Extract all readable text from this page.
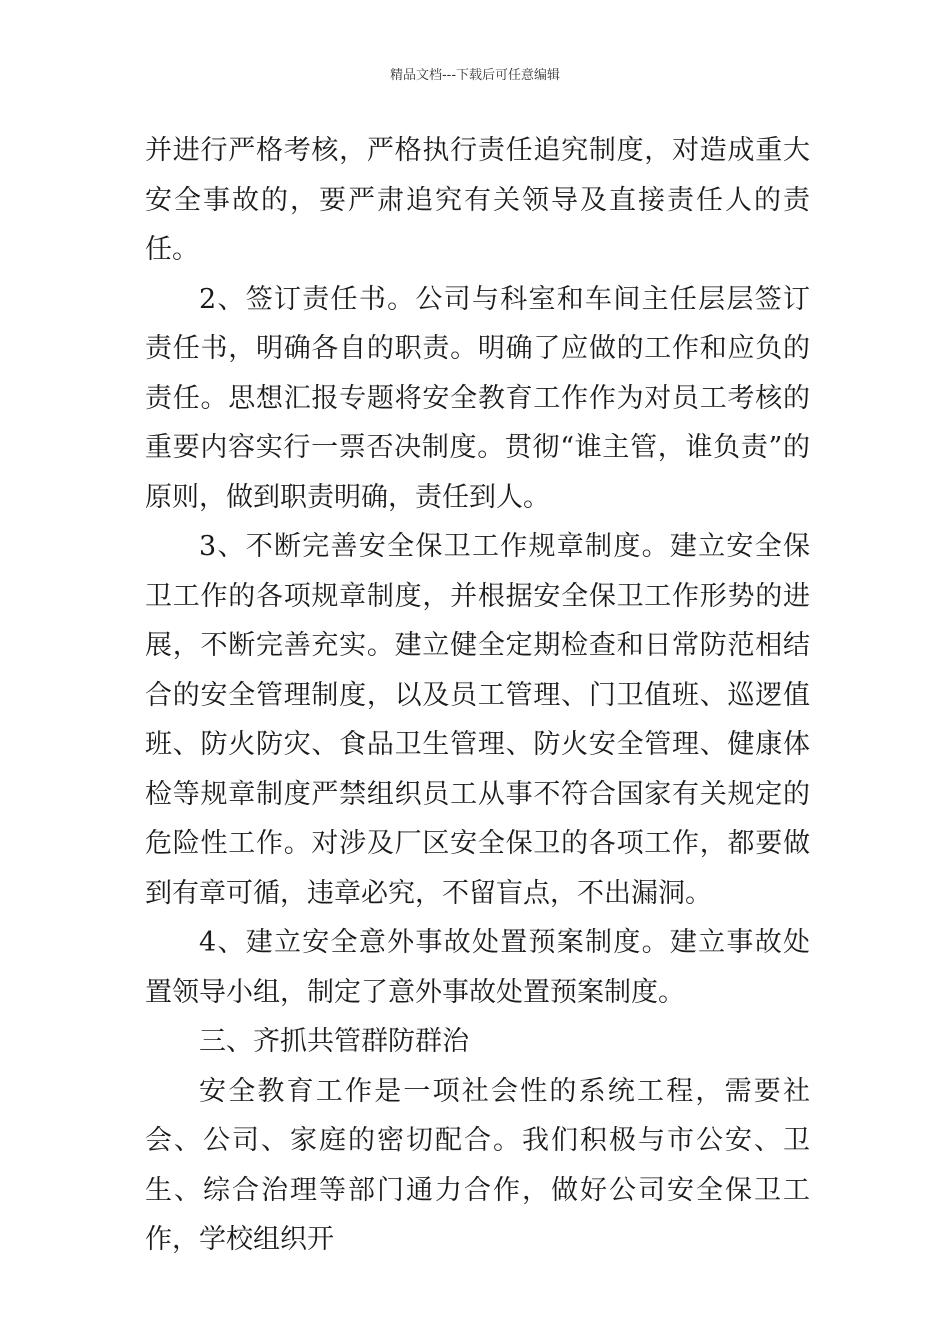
精品文档---下载后可任意编辑

并进行严格考核，严格执行责任追究制度，对造成重大安全事故的，要严肃追究有关领导及直接责任人的责任。

2、签订责任书。公司与科室和车间主任层层签订责任书，明确各自的职责。明确了应做的工作和应负的责任。思想汇报专题将安全教育工作作为对员工考核的重要内容实行一票否决制度。贯彻“谁主管，谁负责”的原则，做到职责明确，责任到人。

3、不断完善安全保卫工作规章制度。建立安全保卫工作的各项规章制度，并根据安全保卫工作形势的进展，不断完善充实。建立健全定期检查和日常防范相结合的安全管理制度，以及员工管理、门卫值班、巡逻值班、防火防灾、食品卫生管理、防火安全管理、健康体检等规章制度严禁组织员工从事不符合国家有关规定的危险性工作。对涉及厂区安全保卫的各项工作，都要做到有章可循，违章必究，不留盲点，不出漏洞。

4、建立安全意外事故处置预案制度。建立事故处置领导小组，制定了意外事故处置预案制度。

三、齐抓共管群防群治

安全教育工作是一项社会性的系统工程，需要社会、公司、家庭的密切配合。我们积极与市公安、卫生、综合治理等部门通力合作，做好公司安全保卫工作，学校组织开
